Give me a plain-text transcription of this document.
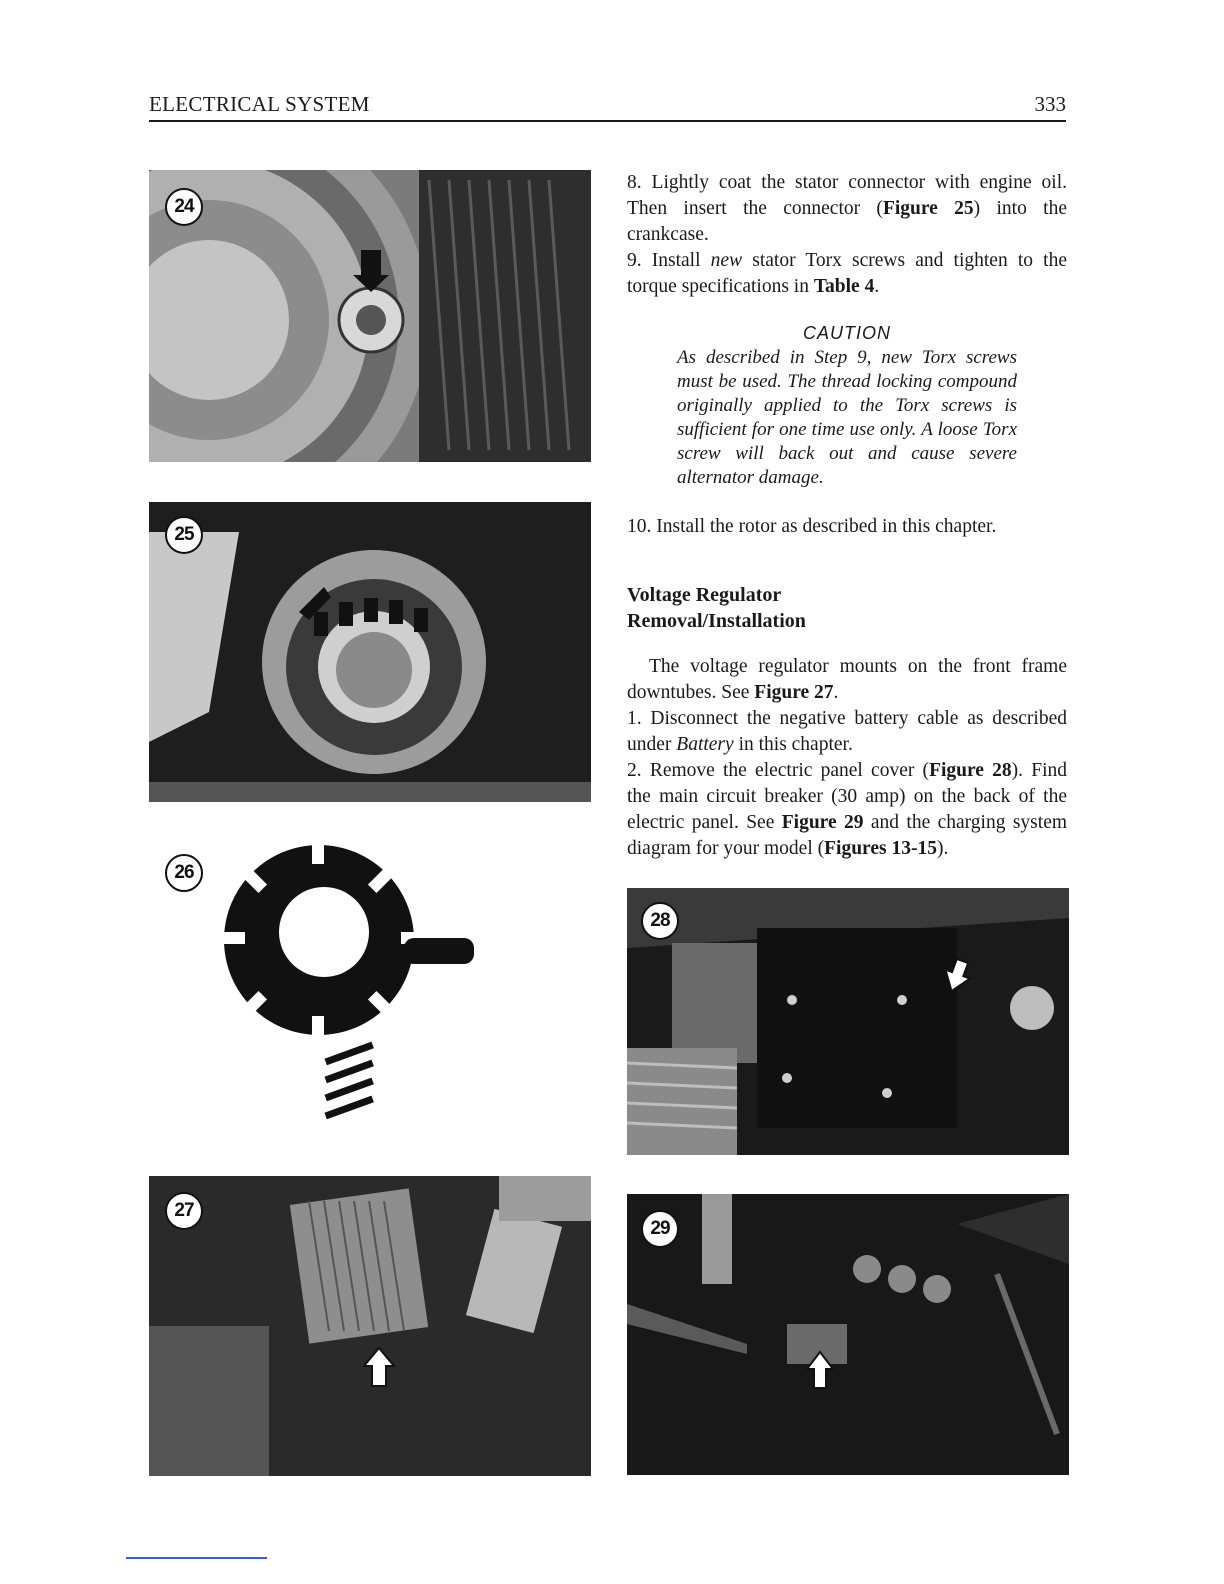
ELECTRICAL SYSTEM	333
24
25
26
27

8. Lightly coat the stator connector with engine oil. Then insert the connector (Figure 25) into the crankcase.

9. Install new stator Torx screws and tighten to the torque specifications in Table 4.

CAUTION
As described in Step 9, new Torx screws must be used. The thread locking compound originally applied to the Torx screws is sufficient for one time use only. A loose Torx screw will back out and cause severe alternator damage.

10. Install the rotor as described in this chapter.

Voltage Regulator
Removal/Installation

The voltage regulator mounts on the front frame downtubes. See Figure 27.

1. Disconnect the negative battery cable as described under Battery in this chapter.

2. Remove the electric panel cover (Figure 28). Find the main circuit breaker (30 amp) on the back of the electric panel. See Figure 29 and the charging system diagram for your model (Figures 13-15).

28
29
